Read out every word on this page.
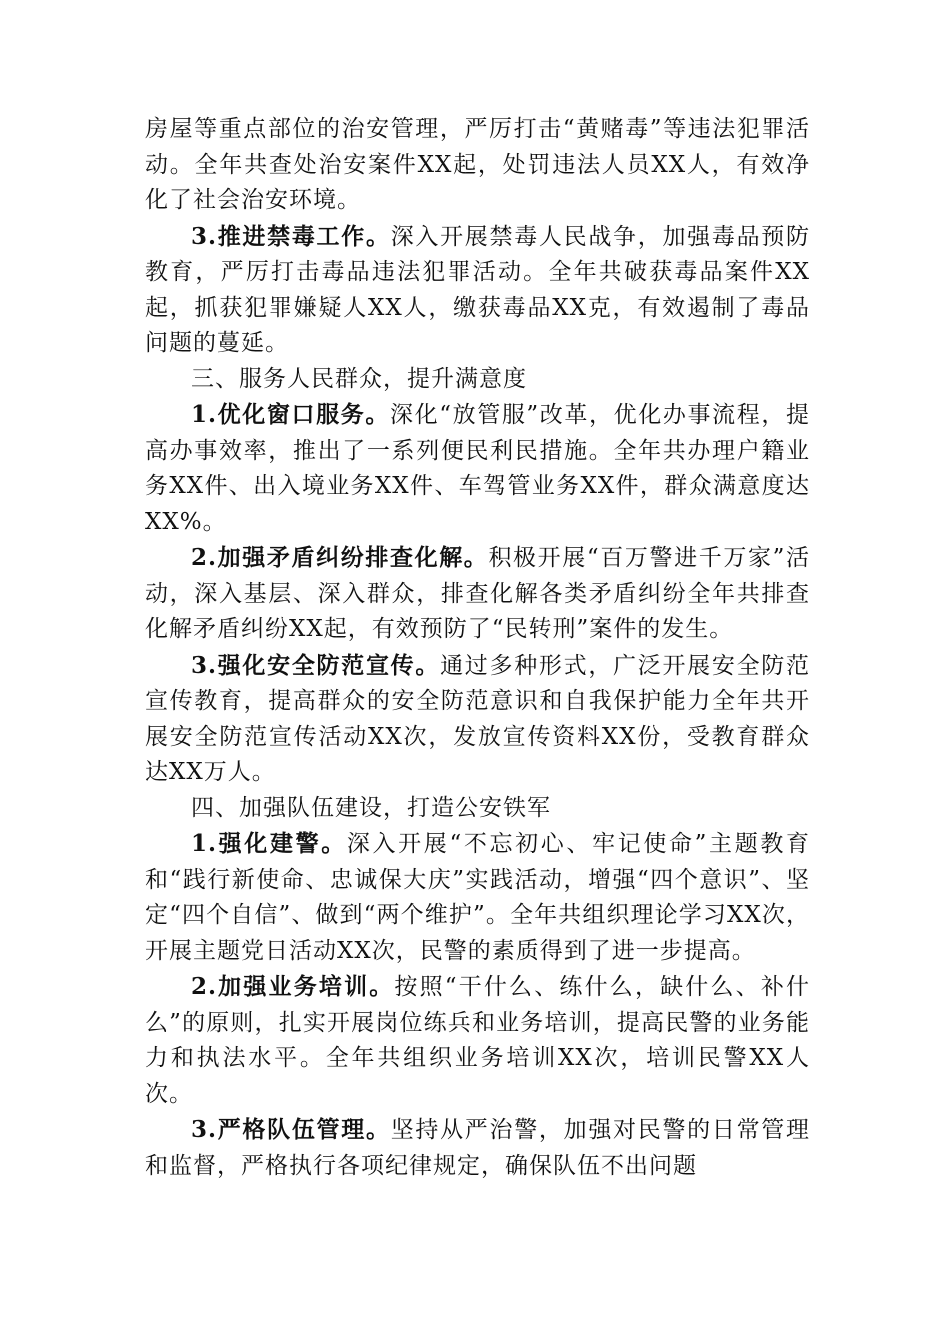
房屋等重点部位的治安管理，严厉打击“黄赌毒”等违法犯罪活动。全年共查处治安案件XX起，处罚违法人员XX人，有效净化了社会治安环境。

3.推进禁毒工作。深入开展禁毒人民战争，加强毒品预防教育，严厉打击毒品违法犯罪活动。全年共破获毒品案件XX起，抓获犯罪嫌疑人XX人，缴获毒品XX克，有效遏制了毒品问题的蔓延。

三、服务人民群众，提升满意度

1.优化窗口服务。深化“放管服”改革，优化办事流程，提高办事效率，推出了一系列便民利民措施。全年共办理户籍业务XX件、出入境业务XX件、车驾管业务XX件，群众满意度达XX%。

2.加强矛盾纠纷排查化解。积极开展“百万警进千万家”活动，深入基层、深入群众，排查化解各类矛盾纠纷全年共排查化解矛盾纠纷XX起，有效预防了“民转刑”案件的发生。

3.强化安全防范宣传。通过多种形式，广泛开展安全防范宣传教育，提高群众的安全防范意识和自我保护能力全年共开展安全防范宣传活动XX次，发放宣传资料XX份，受教育群众达XX万人。

四、加强队伍建设，打造公安铁军

1.强化建警。深入开展“不忘初心、牢记使命”主题教育和“践行新使命、忠诚保大庆”实践活动，增强“四个意识”、坚定“四个自信”、做到“两个维护”。全年共组织理论学习XX次，开展主题党日活动XX次，民警的素质得到了进一步提高。

2.加强业务培训。按照“干什么、练什么，缺什么、补什么”的原则，扎实开展岗位练兵和业务培训，提高民警的业务能力和执法水平。全年共组织业务培训XX次，培训民警XX人次。

3.严格队伍管理。坚持从严治警，加强对民警的日常管理和监督，严格执行各项纪律规定，确保队伍不出问题
